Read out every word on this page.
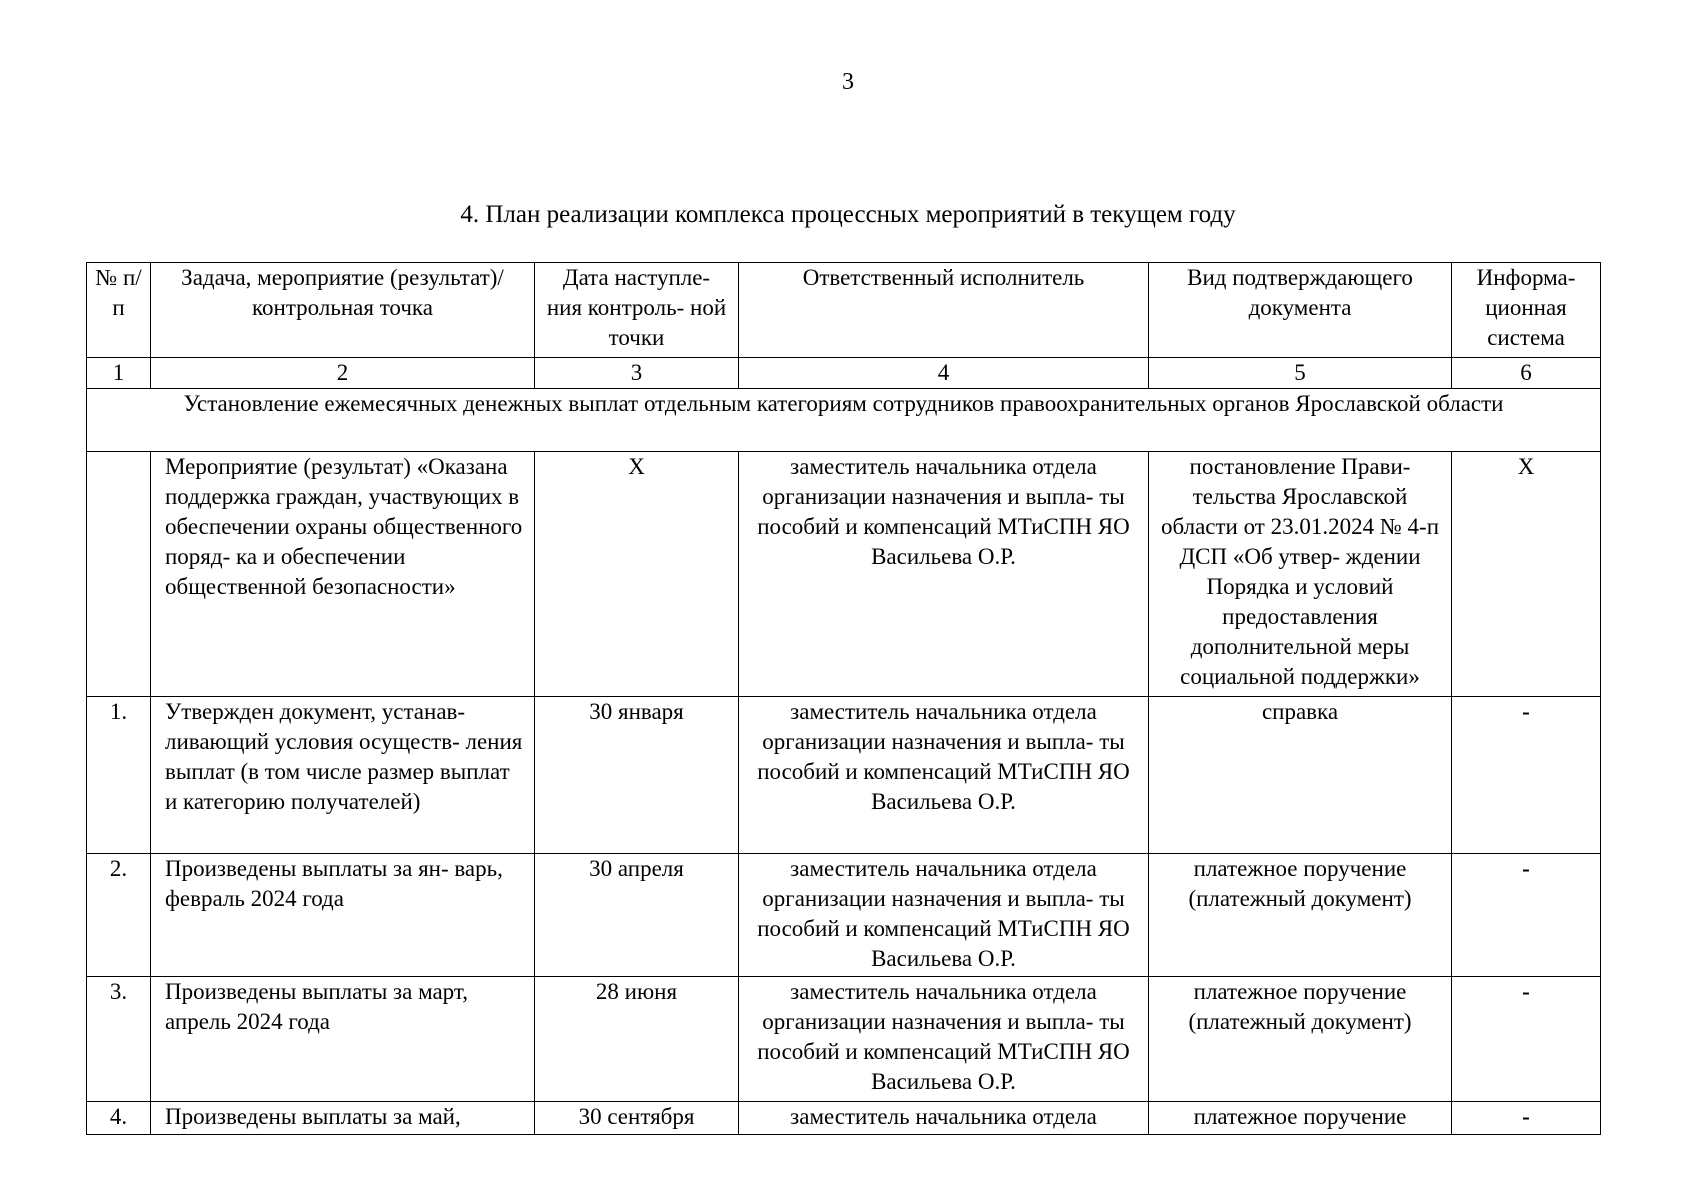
3
4. План реализации комплекса процессных мероприятий в текущем году
№ п/п	Задача, мероприятие (результат)/ контрольная точка	Дата наступле- ния контроль- ной точки	Ответственный исполнитель	Вид подтверждающего документа	Информа- ционная система
1	2	3	4	5	6
Установление ежемесячных денежных выплат отдельным категориям сотрудников правоохранительных органов Ярославской области					
	Мероприятие (результат) «Оказана поддержка граждан, участвующих в обеспечении охраны общественного поряд- ка и обеспечении общественной безопасности»	Х	заместитель начальника отдела организации назначения и выпла- ты пособий и компенсаций МТиСПН ЯО Васильева О.Р.	постановление Прави- тельства Ярославской области от 23.01.2024 № 4-п ДСП «Об утвер- ждении Порядка и условий предоставления дополнительной меры социальной поддержки»	Х
1.	Утвержден документ, устанав- ливающий условия осуществ- ления выплат (в том числе размер выплат и категорию получателей)	30 января	заместитель начальника отдела организации назначения и выпла- ты пособий и компенсаций МТиСПН ЯО Васильева О.Р.	справка	-
2.	Произведены выплаты за ян- варь, февраль 2024 года	30 апреля	заместитель начальника отдела организации назначения и выпла- ты пособий и компенсаций МТиСПН ЯО Васильева О.Р.	платежное поручение (платежный документ)	-
3.	Произведены выплаты за март, апрель 2024 года	28 июня	заместитель начальника отдела организации назначения и выпла- ты пособий и компенсаций МТиСПН ЯО Васильева О.Р.	платежное поручение (платежный документ)	-
4.	Произведены выплаты за май,	30 сентября	заместитель начальника отдела	платежное поручение	-
